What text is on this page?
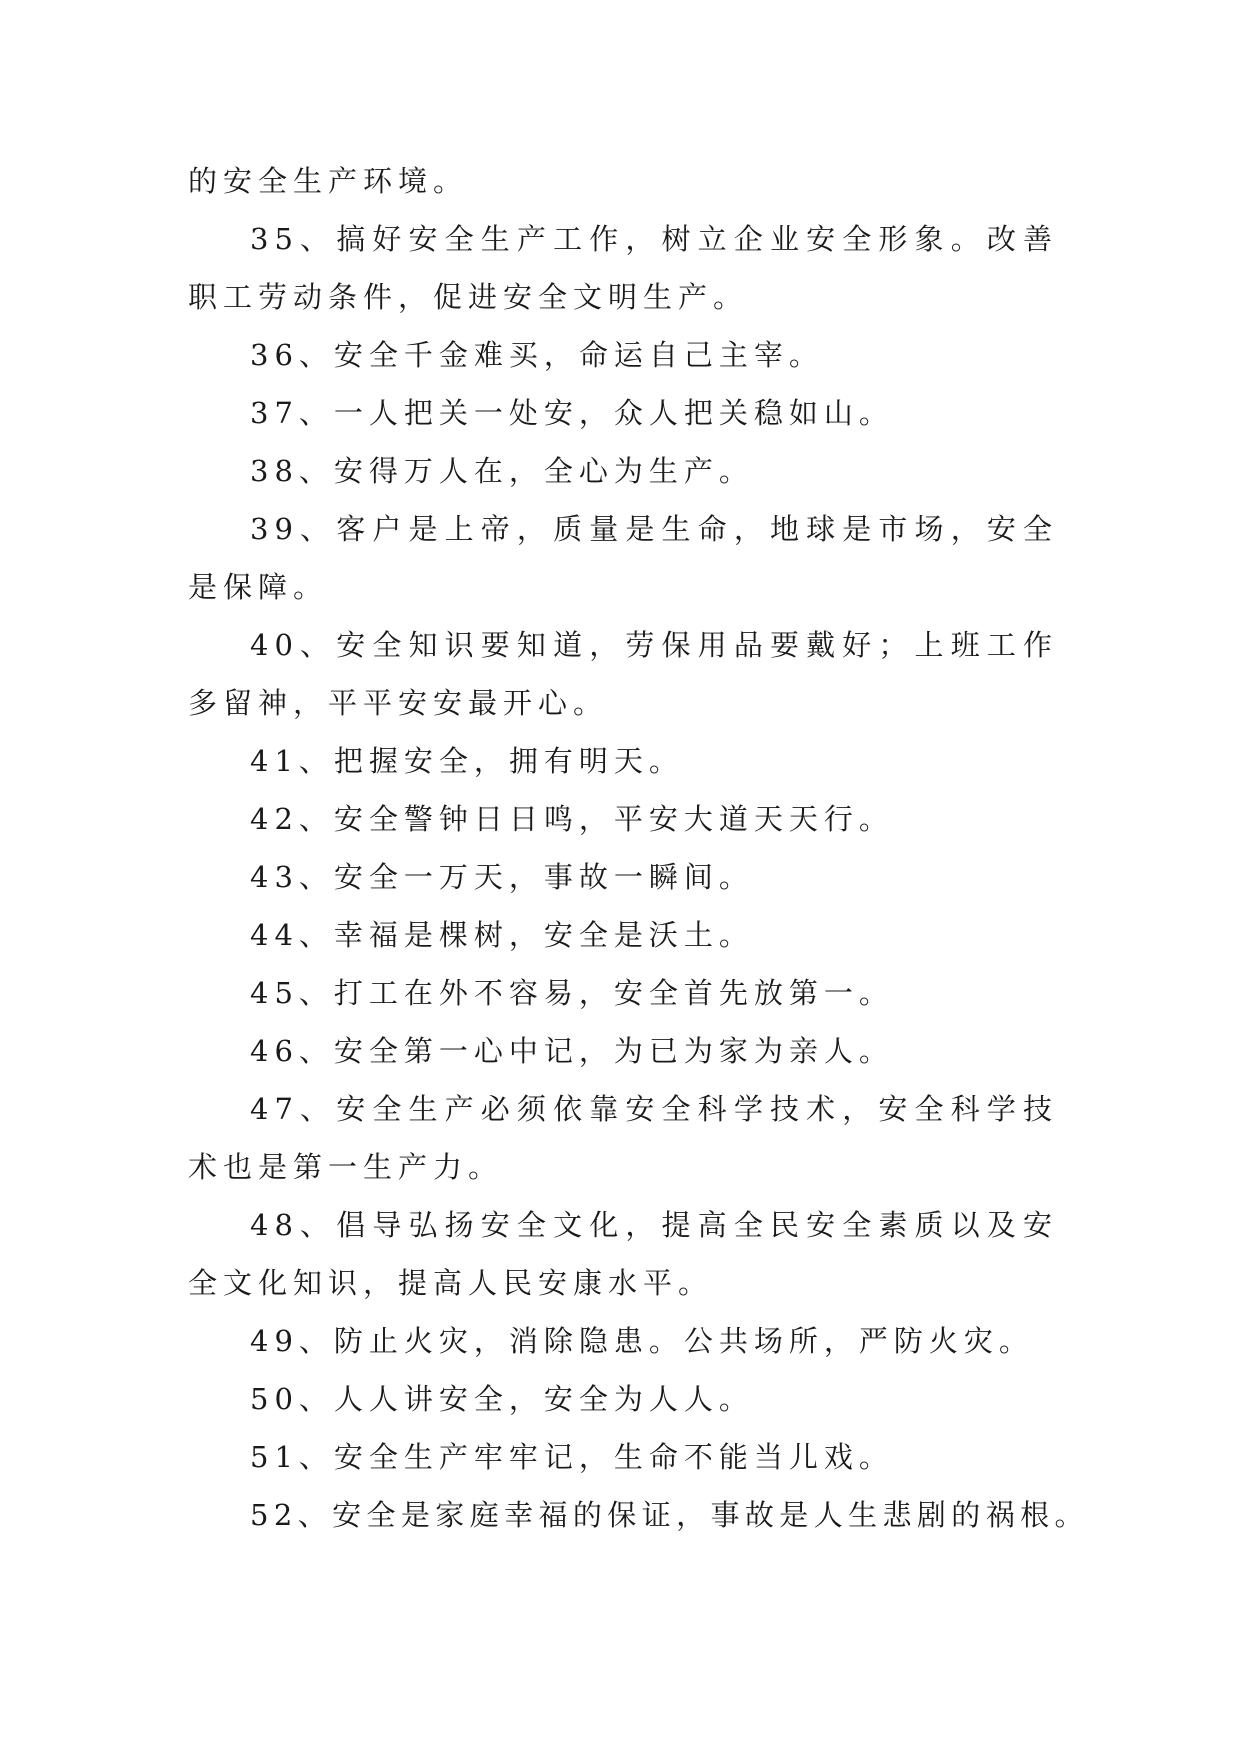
的安全生产环境。

35、搞好安全生产工作，树立企业安全形象。改善职工劳动条件，促进安全文明生产。

36、安全千金难买，命运自己主宰。

37、一人把关一处安，众人把关稳如山。

38、安得万人在，全心为生产。

39、客户是上帝，质量是生命，地球是市场，安全是保障。

40、安全知识要知道，劳保用品要戴好；上班工作多留神，平平安安最开心。

41、把握安全，拥有明天。

42、安全警钟日日鸣，平安大道天天行。

43、安全一万天，事故一瞬间。

44、幸福是棵树，安全是沃土。

45、打工在外不容易，安全首先放第一。

46、安全第一心中记，为已为家为亲人。

47、安全生产必须依靠安全科学技术，安全科学技术也是第一生产力。

48、倡导弘扬安全文化，提高全民安全素质以及安全文化知识，提高人民安康水平。

49、防止火灾，消除隐患。公共场所，严防火灾。

50、人人讲安全，安全为人人。

51、安全生产牢牢记，生命不能当儿戏。

52、安全是家庭幸福的保证，事故是人生悲剧的祸根。
